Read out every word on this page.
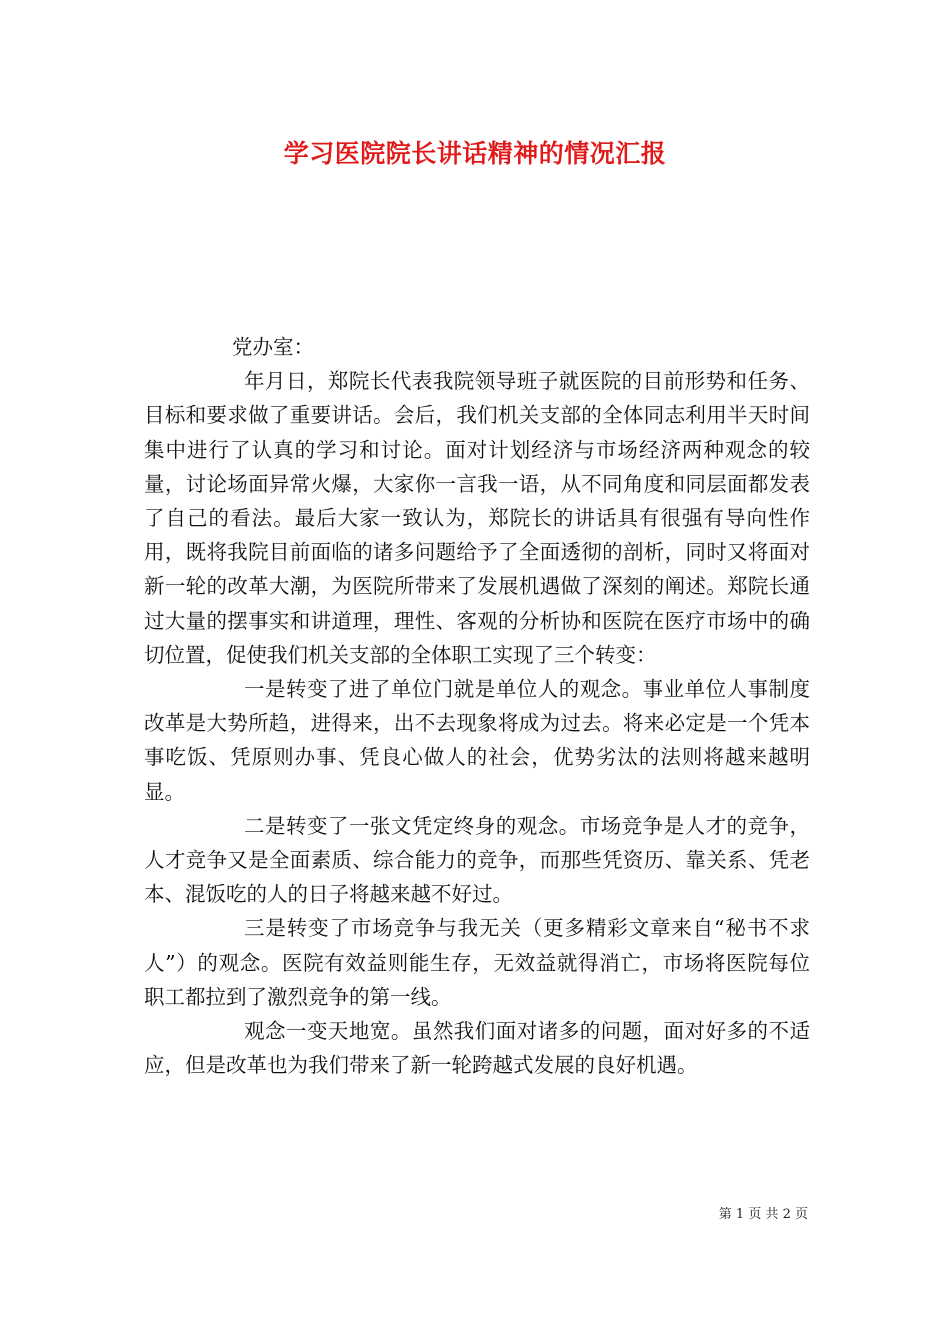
学习医院院长讲话精神的情况汇报

党办室：

年月日，郑院长代表我院领导班子就医院的目前形势和任务、目标和要求做了重要讲话。会后，我们机关支部的全体同志利用半天时间集中进行了认真的学习和讨论。面对计划经济与市场经济两种观念的较量，讨论场面异常火爆，大家你一言我一语，从不同角度和同层面都发表了自己的看法。最后大家一致认为，郑院长的讲话具有很强有导向性作用，既将我院目前面临的诸多问题给予了全面透彻的剖析，同时又将面对新一轮的改革大潮，为医院所带来了发展机遇做了深刻的阐述。郑院长通过大量的摆事实和讲道理，理性、客观的分析协和医院在医疗市场中的确切位置，促使我们机关支部的全体职工实现了三个转变：

一是转变了进了单位门就是单位人的观念。事业单位人事制度改革是大势所趋，进得来，出不去现象将成为过去。将来必定是一个凭本事吃饭、凭原则办事、凭良心做人的社会，优势劣汰的法则将越来越明显。

二是转变了一张文凭定终身的观念。市场竞争是人才的竞争，人才竞争又是全面素质、综合能力的竞争，而那些凭资历、靠关系、凭老本、混饭吃的人的日子将越来越不好过。

三是转变了市场竞争与我无关（更多精彩文章来自“秘书不求人”）的观念。医院有效益则能生存，无效益就得消亡，市场将医院每位职工都拉到了激烈竞争的第一线。

观念一变天地宽。虽然我们面对诸多的问题，面对好多的不适应，但是改革也为我们带来了新一轮跨越式发展的良好机遇。

第 1 页 共 2 页
